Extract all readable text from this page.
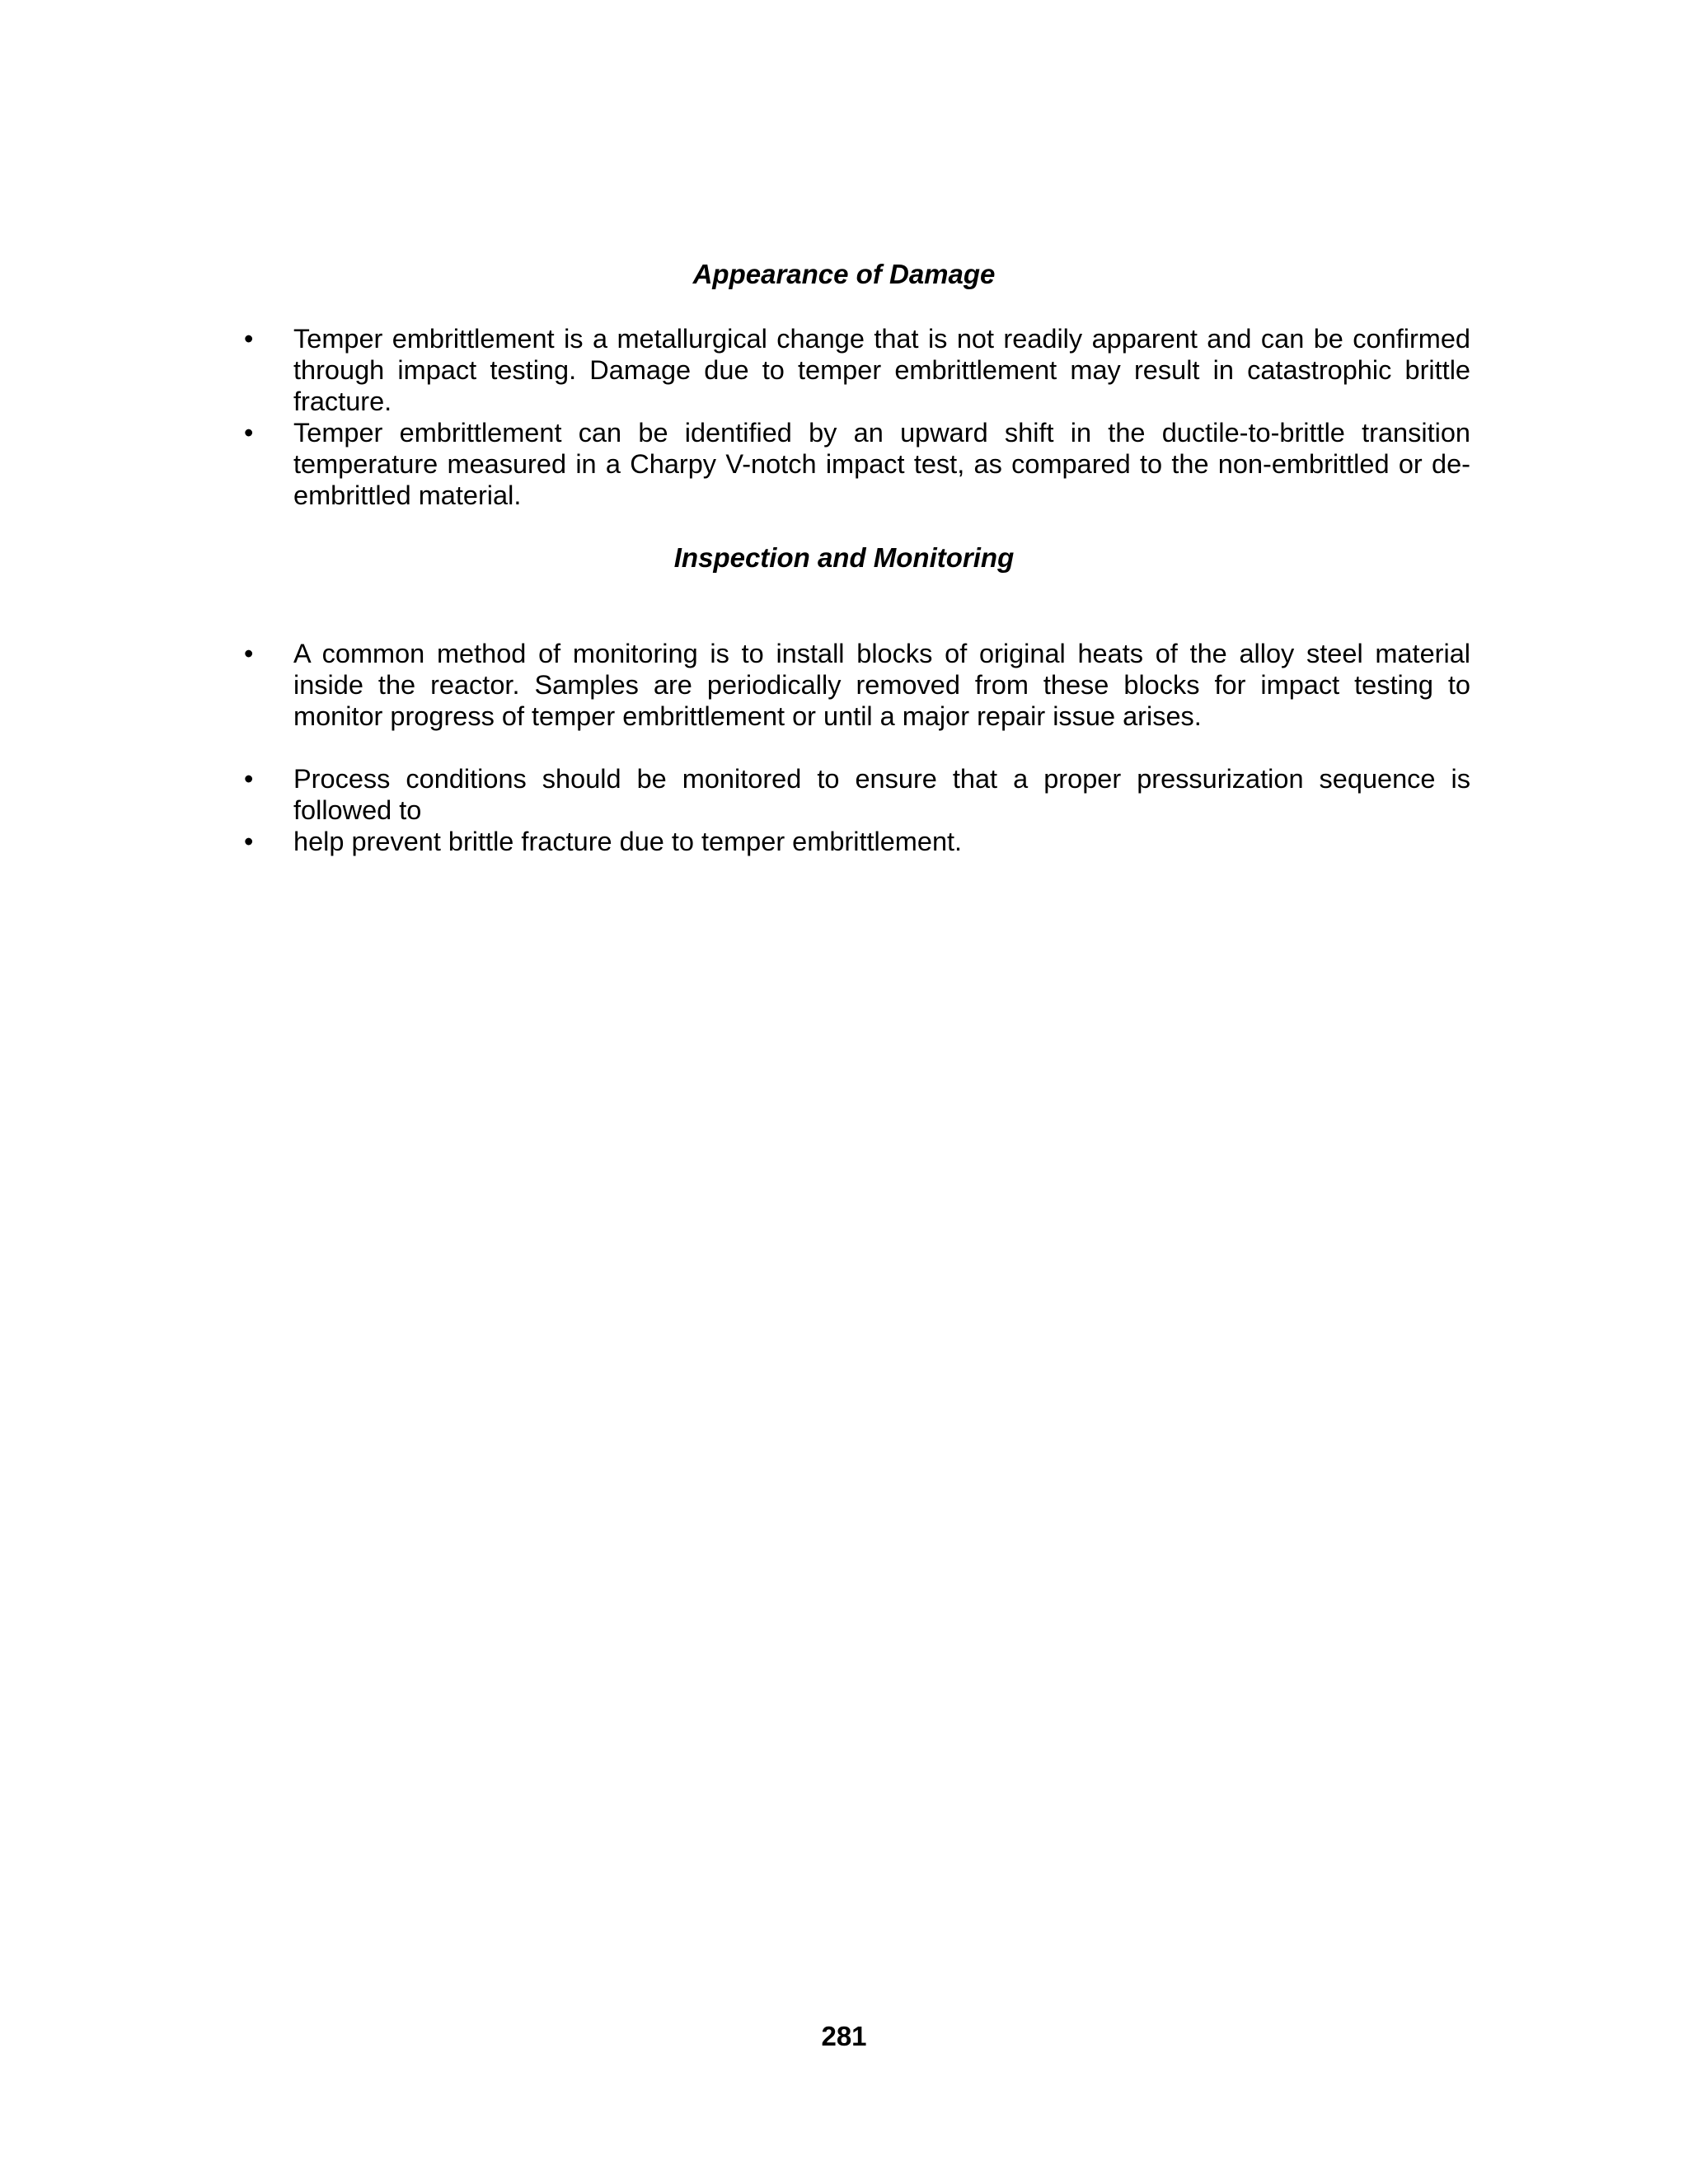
Appearance of Damage
• Temper embrittlement is a metallurgical change that is not readily apparent and can be confirmed through impact testing. Damage due to temper embrittlement may result in catastrophic brittle fracture.
• Temper embrittlement can be identified by an upward shift in the ductile-to-brittle transition temperature measured in a Charpy V-notch impact test, as compared to the non-embrittled or de-embrittled material.
Inspection and Monitoring
• A common method of monitoring is to install blocks of original heats of the alloy steel material inside the reactor. Samples are periodically removed from these blocks for impact testing to monitor progress of temper embrittlement or until a major repair issue arises.
• Process conditions should be monitored to ensure that a proper pressurization sequence is followed to
• help prevent brittle fracture due to temper embrittlement.
281
